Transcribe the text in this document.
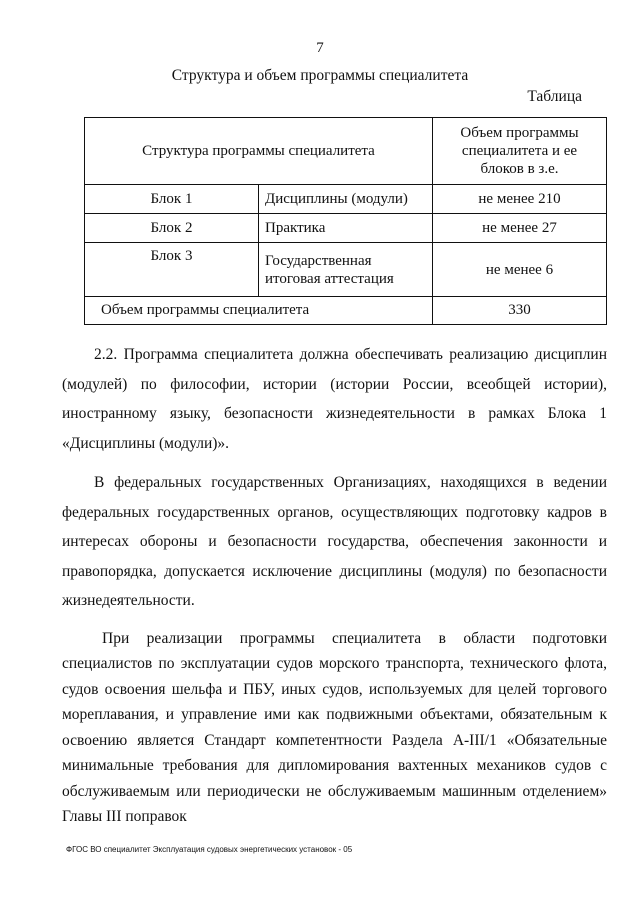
7
Структура и объем программы специалитета
Таблица
Структура программы специалитета		Объем программы специалитета и ее блоков в з.е.

Блок 1	Дисциплины (модули)	не менее 210
Блок 2	Практика	не менее 27
Блок 3	Государственная итоговая аттестация	не менее 6
Объем программы специалитета		330

2.2. Программа специалитета должна обеспечивать реализацию дисциплин (модулей) по философии, истории (истории России, всеобщей истории), иностранному языку, безопасности жизнедеятельности в рамках Блока 1 «Дисциплины (модули)».

В федеральных государственных Организациях, находящихся в ведении федеральных государственных органов, осуществляющих подготовку кадров в интересах обороны и безопасности государства, обеспечения законности и правопорядка, допускается исключение дисциплины (модуля) по безопасности жизнедеятельности.

При реализации программы специалитета в области подготовки специалистов по эксплуатации судов морского транспорта, технического флота, судов освоения шельфа и ПБУ, иных судов, используемых для целей торгового мореплавания, и управление ими как подвижными объектами, обязательным к освоению является Стандарт компетентности Раздела A-III/1 «Обязательные минимальные требования для дипломирования вахтенных механиков судов с обслуживаемым или периодически не обслуживаемым машинным отделением» Главы III поправок

ФГОС ВО специалитет Эксплуатация судовых энергетических установок - 05
